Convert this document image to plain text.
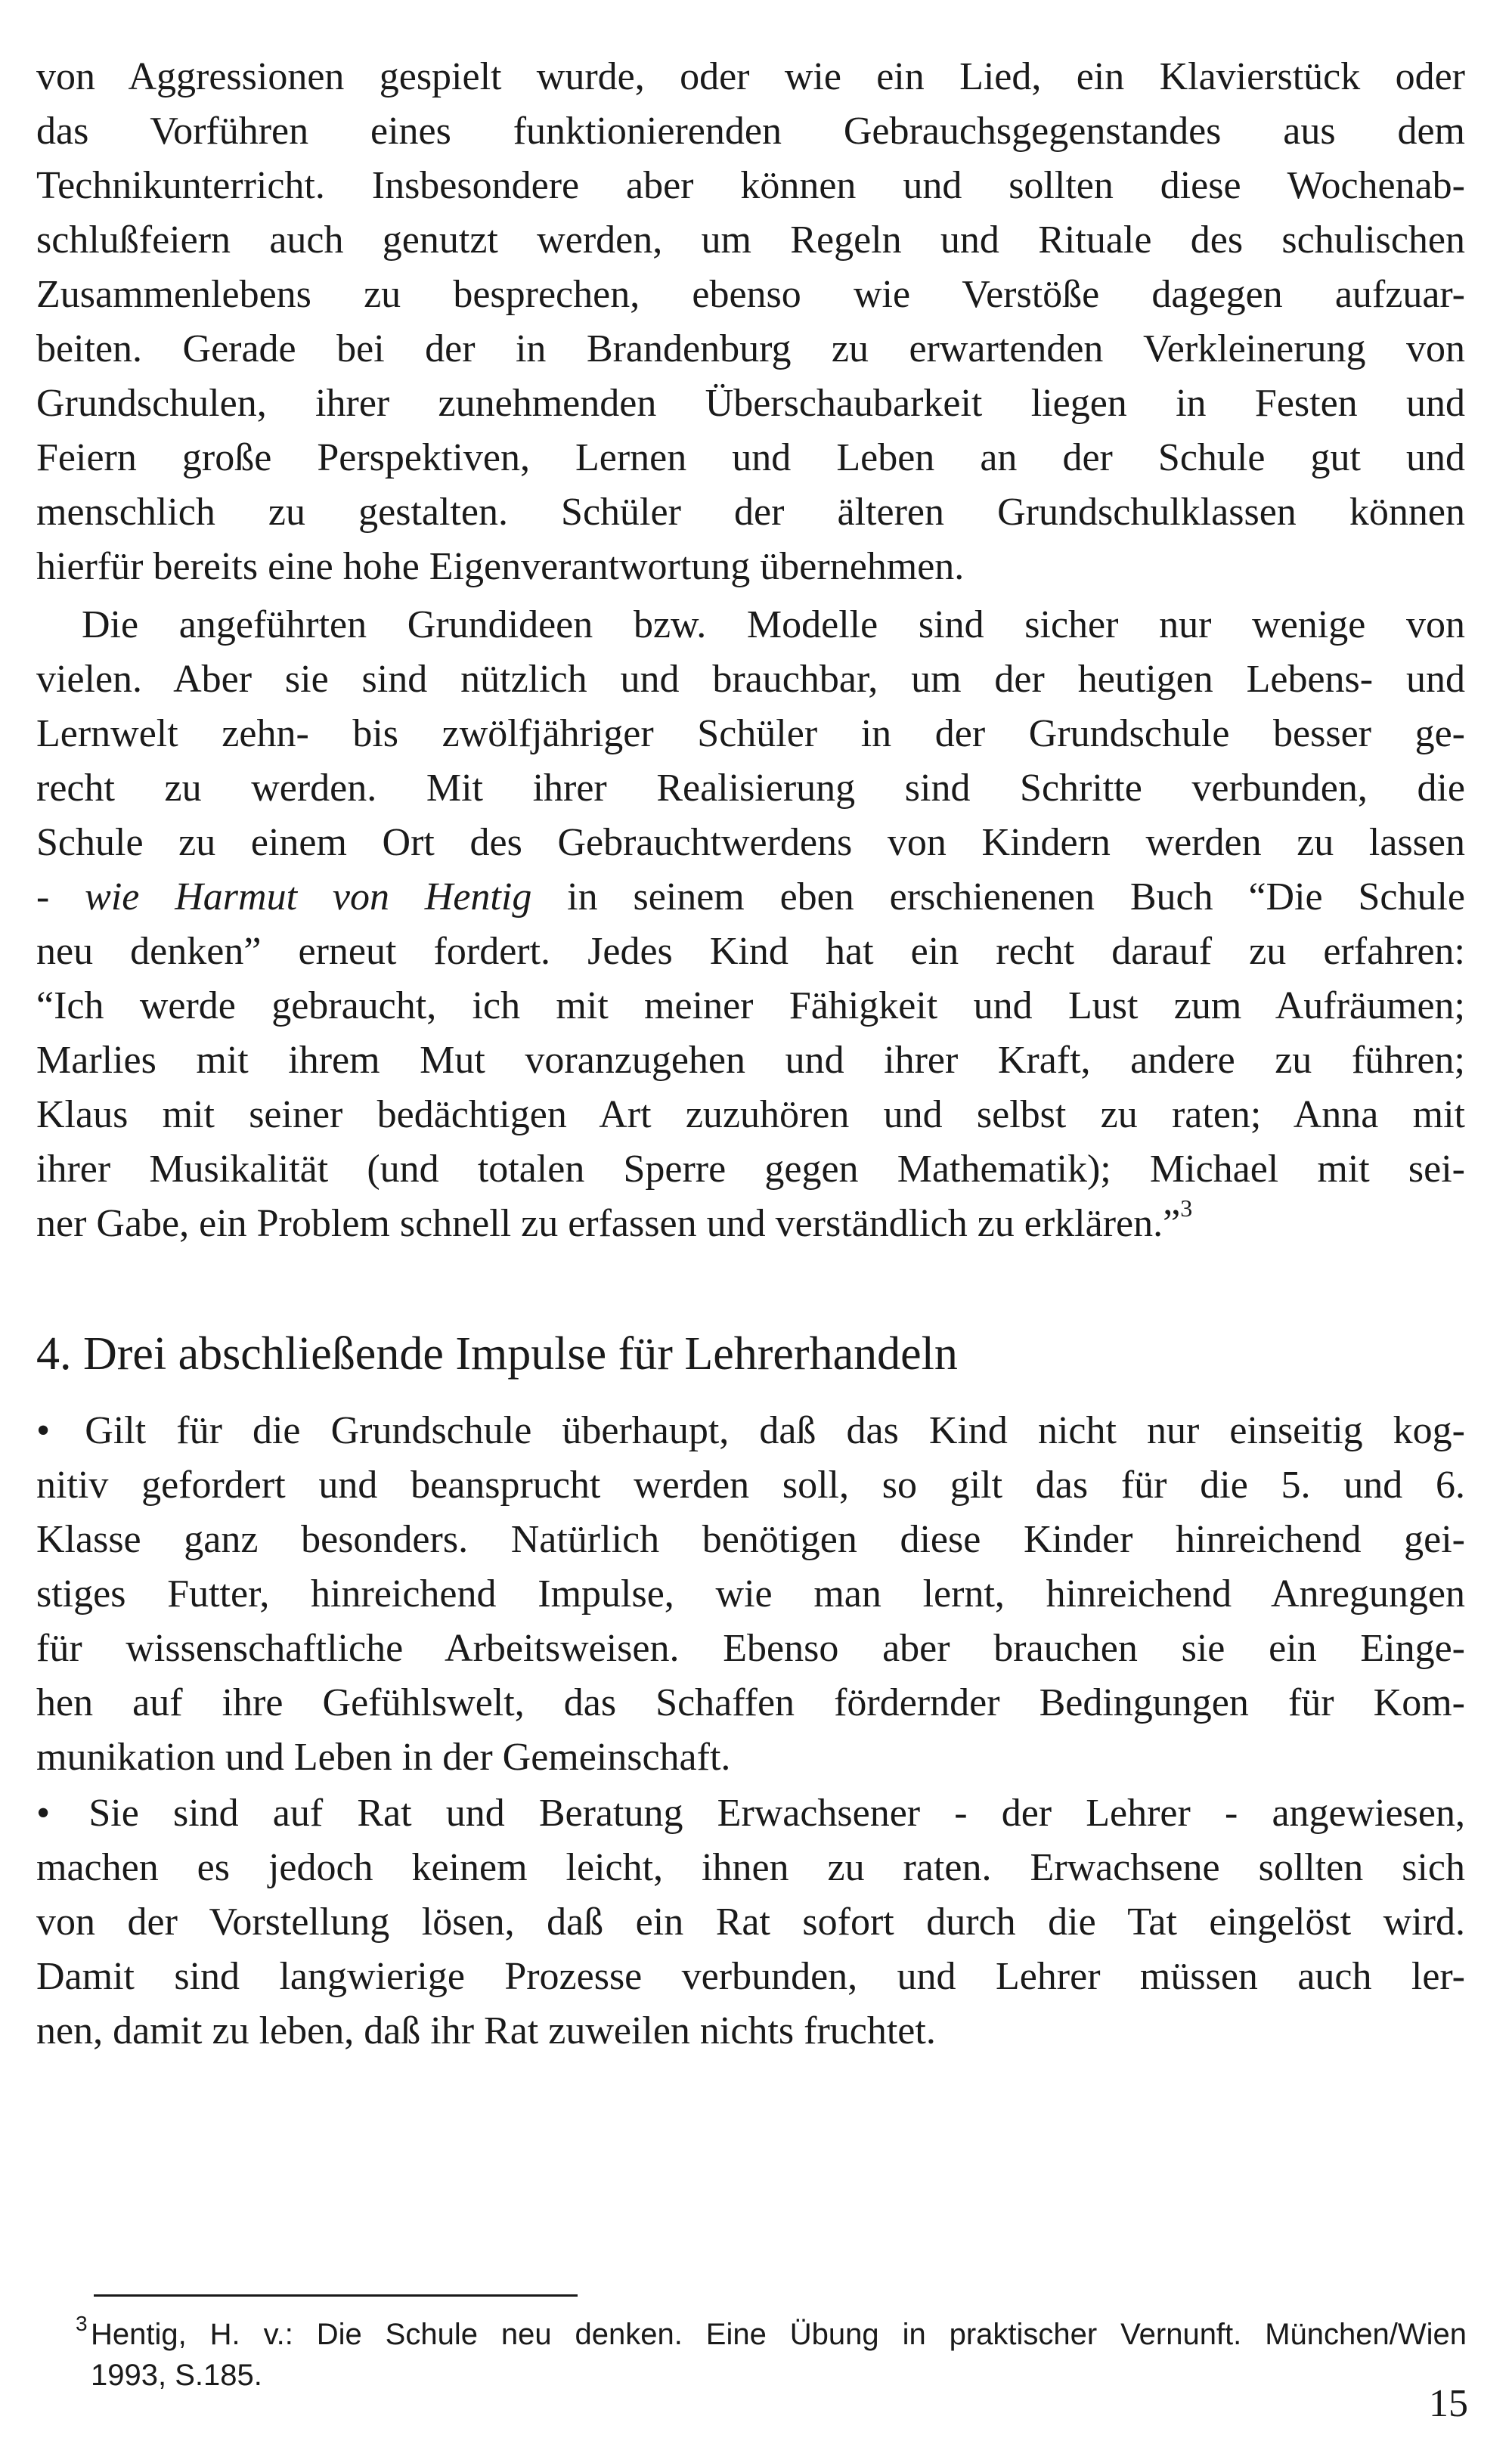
von Aggressionen gespielt wurde, oder wie ein Lied, ein Klavierstück oder
das Vorführen eines funktionierenden Gebrauchsgegenstandes aus dem
Technikunterricht. Insbesondere aber können und sollten diese Wochenab-
schlußfeiern auch genutzt werden, um Regeln und Rituale des schulischen
Zusammenlebens zu besprechen, ebenso wie Verstöße dagegen aufzuar-
beiten. Gerade bei der in Brandenburg zu erwartenden Verkleinerung von
Grundschulen, ihrer zunehmenden Überschaubarkeit liegen in Festen und
Feiern große Perspektiven, Lernen und Leben an der Schule gut und
menschlich zu gestalten. Schüler der älteren Grundschulklassen können
hierfür bereits eine hohe Eigenverantwortung übernehmen.
Die angeführten Grundideen bzw. Modelle sind sicher nur wenige von
vielen. Aber sie sind nützlich und brauchbar, um der heutigen Lebens- und
Lernwelt zehn- bis zwölfjähriger Schüler in der Grundschule besser ge-
recht zu werden. Mit ihrer Realisierung sind Schritte verbunden, die
Schule zu einem Ort des Gebrauchtwerdens von Kindern werden zu lassen
- wie Harmut von Hentig in seinem eben erschienenen Buch “Die Schule
neu denken” erneut fordert. Jedes Kind hat ein recht darauf zu erfahren:
“Ich werde gebraucht, ich mit meiner Fähigkeit und Lust zum Aufräumen;
Marlies mit ihrem Mut voranzugehen und ihrer Kraft, andere zu führen;
Klaus mit seiner bedächtigen Art zuzuhören und selbst zu raten; Anna mit
ihrer Musikalität (und totalen Sperre gegen Mathematik); Michael mit sei-
ner Gabe, ein Problem schnell zu erfassen und verständlich zu erklären.”$^3$
4. Drei abschließende Impulse für Lehrerhandeln
• Gilt für die Grundschule überhaupt, daß das Kind nicht nur einseitig kog-
nitiv gefordert und beansprucht werden soll, so gilt das für die 5. und 6.
Klasse ganz besonders. Natürlich benötigen diese Kinder hinreichend gei-
stiges Futter, hinreichend Impulse, wie man lernt, hinreichend Anregungen
für wissenschaftliche Arbeitsweisen. Ebenso aber brauchen sie ein Einge-
hen auf ihre Gefühlswelt, das Schaffen fördernder Bedingungen für Kom-
munikation und Leben in der Gemeinschaft.
• Sie sind auf Rat und Beratung Erwachsener - der Lehrer - angewiesen,
machen es jedoch keinem leicht, ihnen zu raten. Erwachsene sollten sich
von der Vorstellung lösen, daß ein Rat sofort durch die Tat eingelöst wird.
Damit sind langwierige Prozesse verbunden, und Lehrer müssen auch ler-
nen, damit zu leben, daß ihr Rat zuweilen nichts fruchtet.
3 Hentig, H. v.: Die Schule neu denken. Eine Übung in praktischer Vernunft. München/Wien
1993, S.185.
15
